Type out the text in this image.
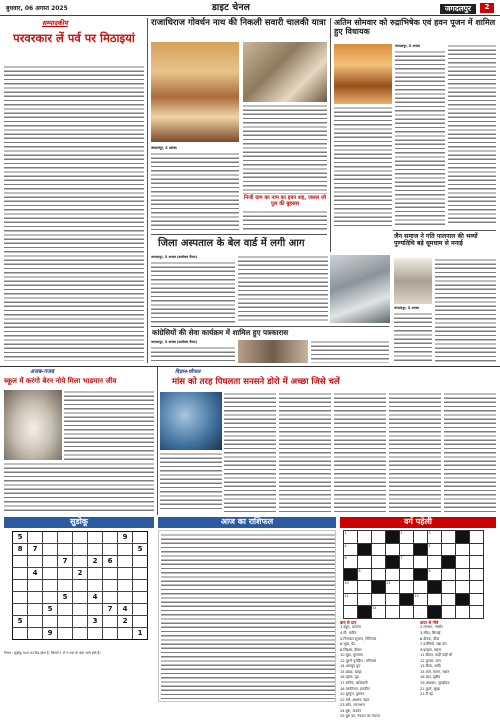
बुधवार, 06 अगस्त 2025	डाइट चेनल	जगदलपुर	2
सम्पादकीय
परवरकार लें पर्व पर मिठाइयां
राजाधिराज गोवर्धन नाथ की निकली सवारी चालकी यात्रा
जगदलपुर, 5 अगस्त
निजी ग्राम का नाम का हवन शह, जलल जो पुल की बुहसस
जिला अस्पताल के बेल वार्ड में लगी आग
जगदलपुर, 5 अगस्त (कारोबार चैनल)
कांग्रेसियों की सेवा कार्यक्रम में शामिल हुए पत्रकारास
जगदलपुर, 5 अगस्त (कारोबार चैनल)
अतिम सोमवार को रुद्राभिषेक एवं हवन पूजन में शामिल हुए विधायक
जगदलपुर, 5 अगस्त
जैन समाज ने गति पालनाल की भव्यों पुण्यतिथि बड़े धूमधाम से मनाई
जगदलपुर, 5 अगस्त
अजब-गजब
स्कूल में करंगो बेरन नोये मिला भाडमान जीव
विज्ञान-चौपाल
मांस को तरह पिघलता सनसने डोरो में अच्छा जिसे चलें
सुडोकू
5							9	
8	7							5
			7		2	6		
	4			2				

			5		4			
		5				7	4	
5					3		2	
		9						1
नियम : सुडोकू 9x9 का ग्रिड होता है, जिसमें 1 से 9 तक के अंक भरने होते हैं।
आज का राशिफल	वर्ग पहेली
1				2		3			

4						5			

6				7					

	8					9			

10			11						

12					13				

		14							

बाएं से दाएं
1.बहुत, अत्यन्त
4.घी, चारित
5.निराकार सुजना, निमित्तल
6.भूख, पेट
8.सिंहास, दीवार
10.मुहा, मुलायम
12.पुराने पुरोहित : मरितार्थ
14.आनहुए हुए
15.खाडा, खाहा
16.दहना, दृढ़
17.सचिव, अधिकारी
18.परकीनता, इनकीन
20.दुरगुण, दुरायन
22.मर्म, अक्षरन, वहन
23.सोन, मटलभरा
24.बुरा, अवदेन
25.बुरा का, नफरत का नफरत
ऊपर से नीचे
2.लगभग, गम्भीर
3.सौंदा, सिलाई
6.दीपक, दीया
7.दर्जनियों, रक्षा दल
9.इलहम, लहना
11.दिवार, कहीं कहीं भी
12.कुचल, ज्ञान
13.दिव्य, आदि
15.कर्म, करना, गन्नान
16.बड़ा, दूलीय
19.अंधकार, सुबहोदय
21.कुर्ता, सूखा
22.मैं वह
